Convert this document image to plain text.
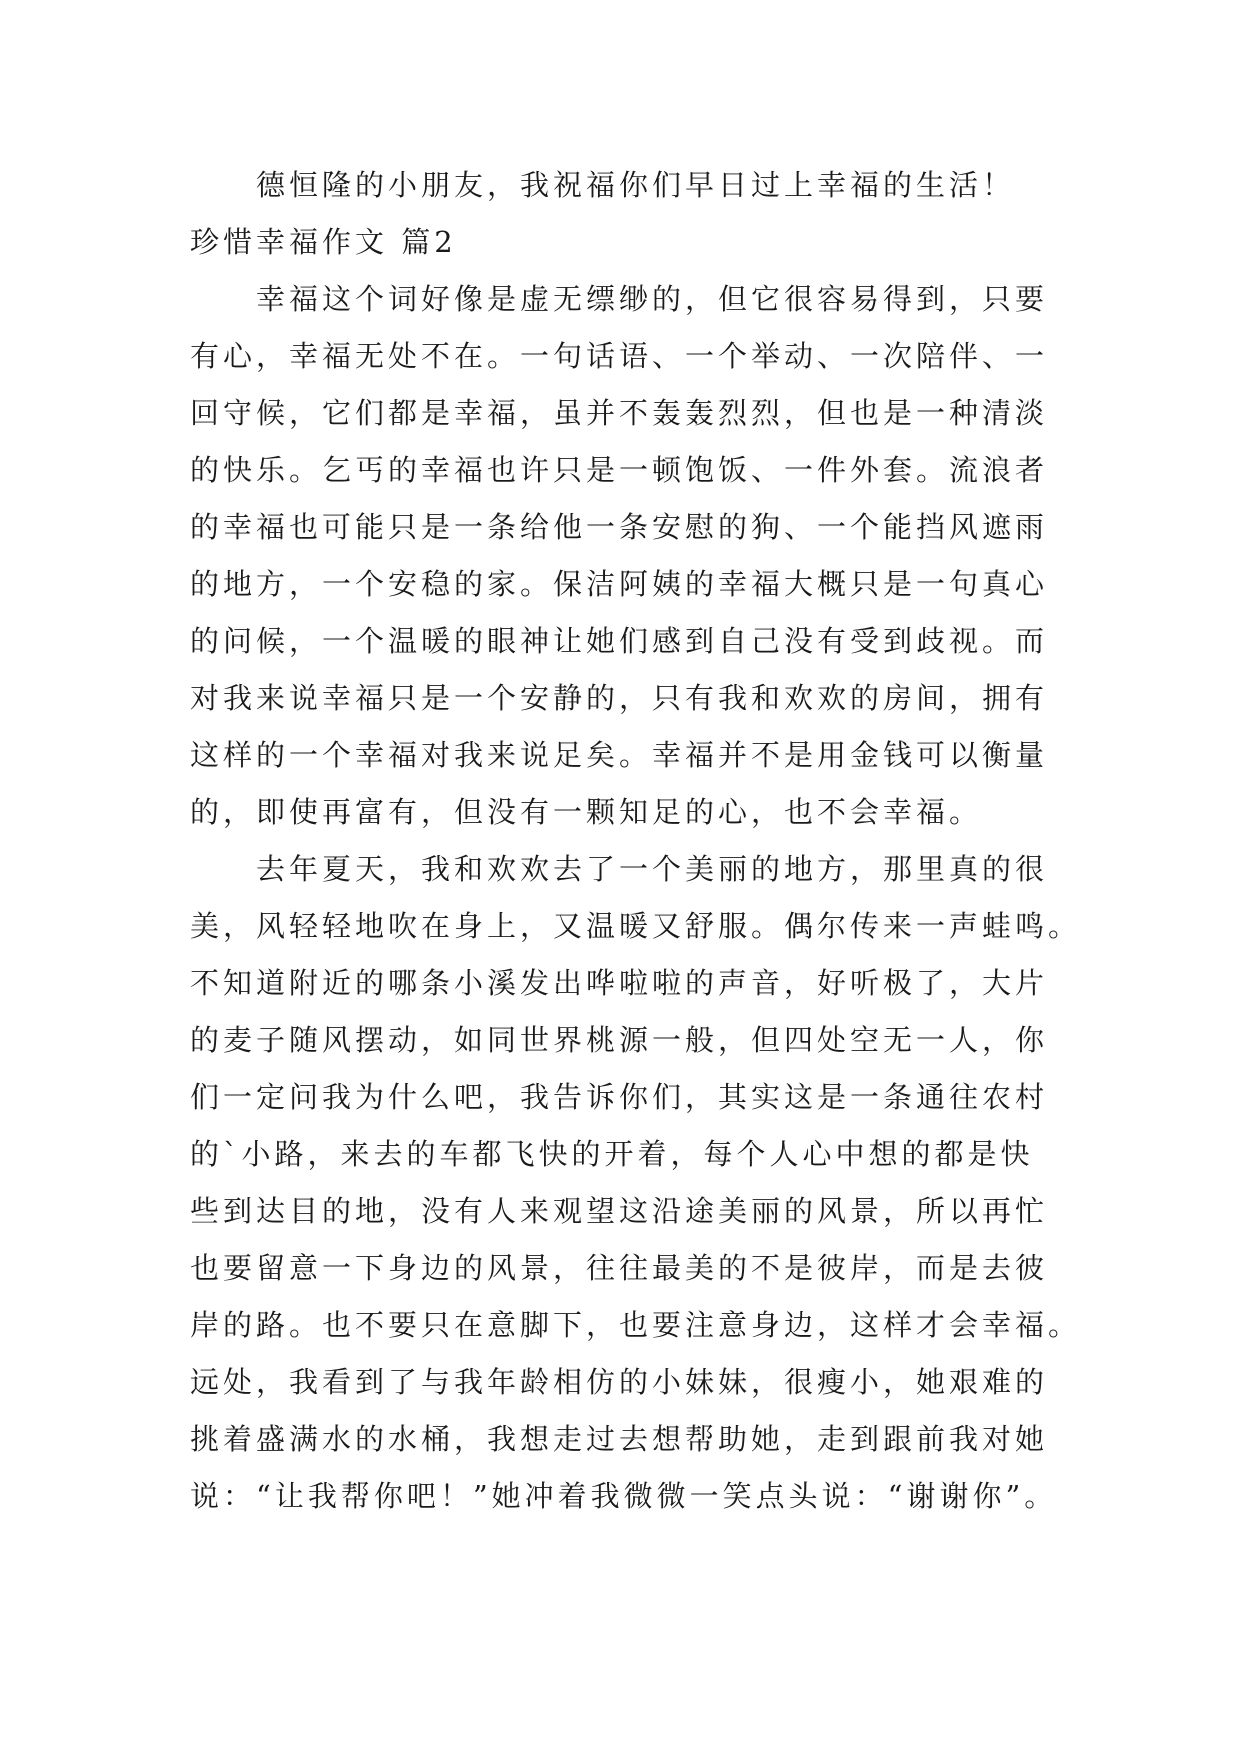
德恒隆的小朋友，我祝福你们早日过上幸福的生活！
珍惜幸福作文 篇2
幸福这个词好像是虚无缥缈的，但它很容易得到，只要
有心，幸福无处不在。一句话语、一个举动、一次陪伴、一
回守候，它们都是幸福，虽并不轰轰烈烈，但也是一种清淡
的快乐。乞丐的幸福也许只是一顿饱饭、一件外套。流浪者
的幸福也可能只是一条给他一条安慰的狗、一个能挡风遮雨
的地方，一个安稳的家。保洁阿姨的幸福大概只是一句真心
的问候，一个温暖的眼神让她们感到自己没有受到歧视。而
对我来说幸福只是一个安静的，只有我和欢欢的房间，拥有
这样的一个幸福对我来说足矣。幸福并不是用金钱可以衡量
的，即使再富有，但没有一颗知足的心，也不会幸福。
去年夏天，我和欢欢去了一个美丽的地方，那里真的很
美，风轻轻地吹在身上，又温暖又舒服。偶尔传来一声蛙鸣。
不知道附近的哪条小溪发出哗啦啦的声音，好听极了，大片
的麦子随风摆动，如同世界桃源一般，但四处空无一人，你
们一定问我为什么吧，我告诉你们，其实这是一条通往农村
的`小路，来去的车都飞快的开着，每个人心中想的都是快
些到达目的地，没有人来观望这沿途美丽的风景，所以再忙
也要留意一下身边的风景，往往最美的不是彼岸，而是去彼
岸的路。也不要只在意脚下，也要注意身边，这样才会幸福。
远处，我看到了与我年龄相仿的小妹妹，很瘦小，她艰难的
挑着盛满水的水桶，我想走过去想帮助她，走到跟前我对她
说：“让我帮你吧！”她冲着我微微一笑点头说：“谢谢你”。
